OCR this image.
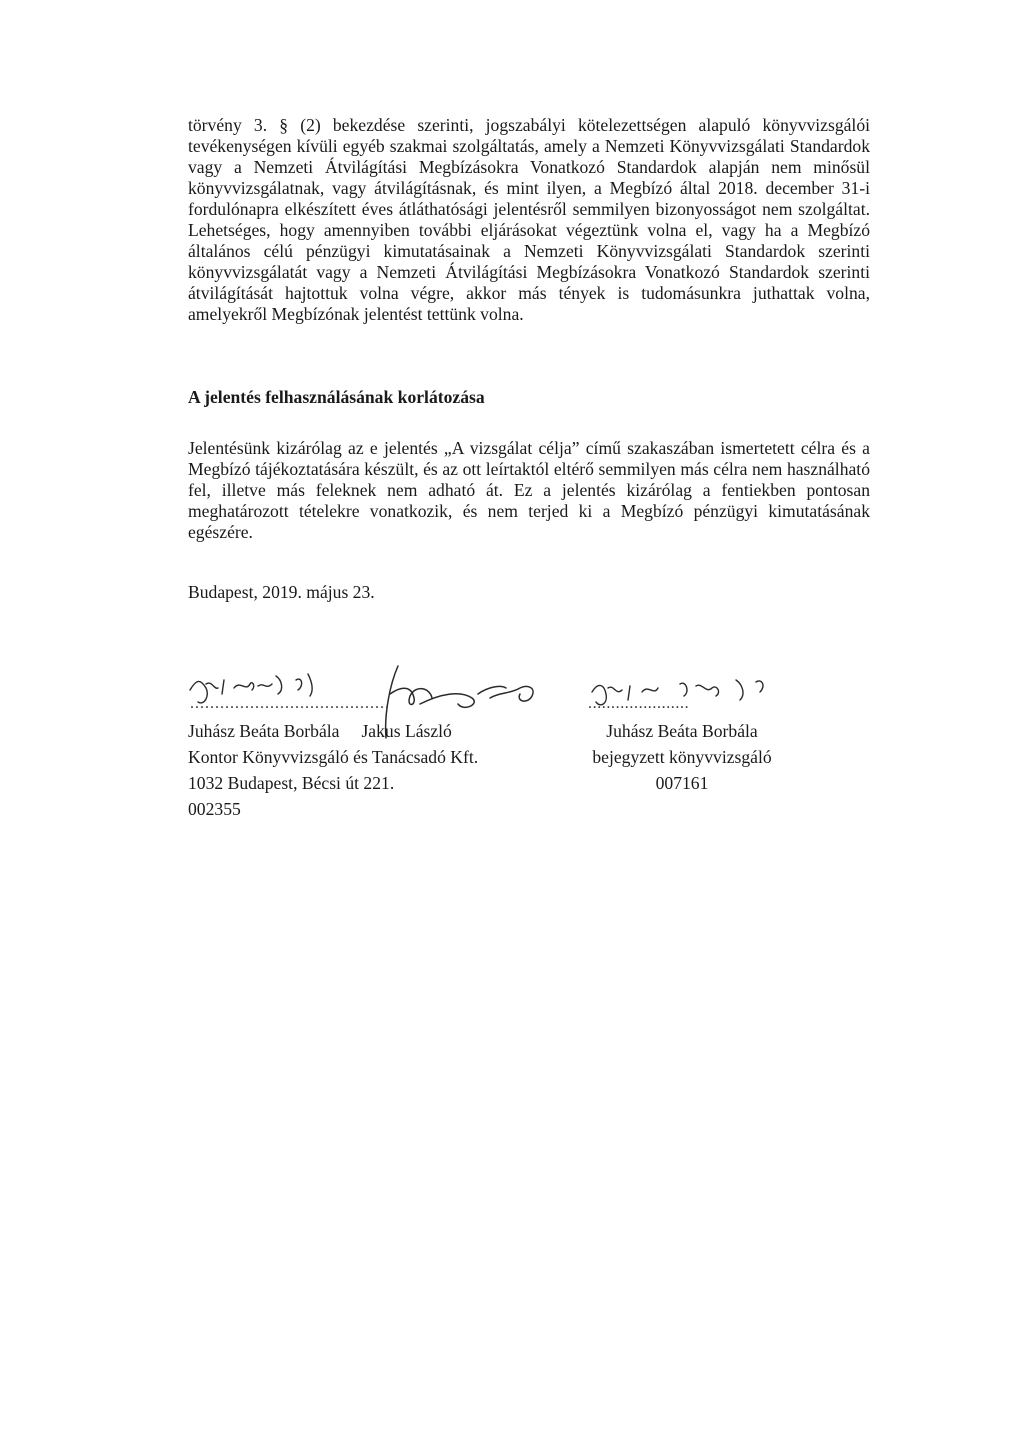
törvény 3. § (2) bekezdése szerinti, jogszabályi kötelezettségen alapuló könyvvizsgálói tevékenységen kívüli egyéb szakmai szolgáltatás, amely a Nemzeti Könyvvizsgálati Standardok vagy a Nemzeti Átvilágítási Megbízásokra Vonatkozó Standardok alapján nem minősül könyvvizsgálatnak, vagy átvilágításnak, és mint ilyen, a Megbízó által 2018. december 31-i fordulónapra elkészített éves átláthatósági jelentésről semmilyen bizonyosságot nem szolgáltat. Lehetséges, hogy amennyiben további eljárásokat végeztünk volna el, vagy ha a Megbízó általános célú pénzügyi kimutatásainak a Nemzeti Könyvvizsgálati Standardok szerinti könyvvizsgálatát vagy a Nemzeti Átvilágítási Megbízásokra Vonatkozó Standardok szerinti átvilágítását hajtottuk volna végre, akkor más tények is tudomásunkra juthattak volna, amelyekről Megbízónak jelentést tettünk volna.
A jelentés felhasználásának korlátozása
Jelentésünk kizárólag az e jelentés „A vizsgálat célja” című szakaszában ismertetett célra és a Megbízó tájékoztatására készült, és az ott leírtaktól eltérő semmilyen más célra nem használható fel, illetve más feleknek nem adható át. Ez a jelentés kizárólag a fentiekben pontosan meghatározott tételekre vonatkozik, és nem terjed ki a Megbízó pénzügyi kimutatásának egészére.
Budapest, 2019. május 23.
........................................	......................
Juhász Beáta Borbála Jakus László
Kontor Könyvvizsgáló és Tanácsadó Kft.
1032 Budapest, Bécsi út 221.
002355
Juhász Beáta Borbála
bejegyzett könyvvizsgáló
007161
